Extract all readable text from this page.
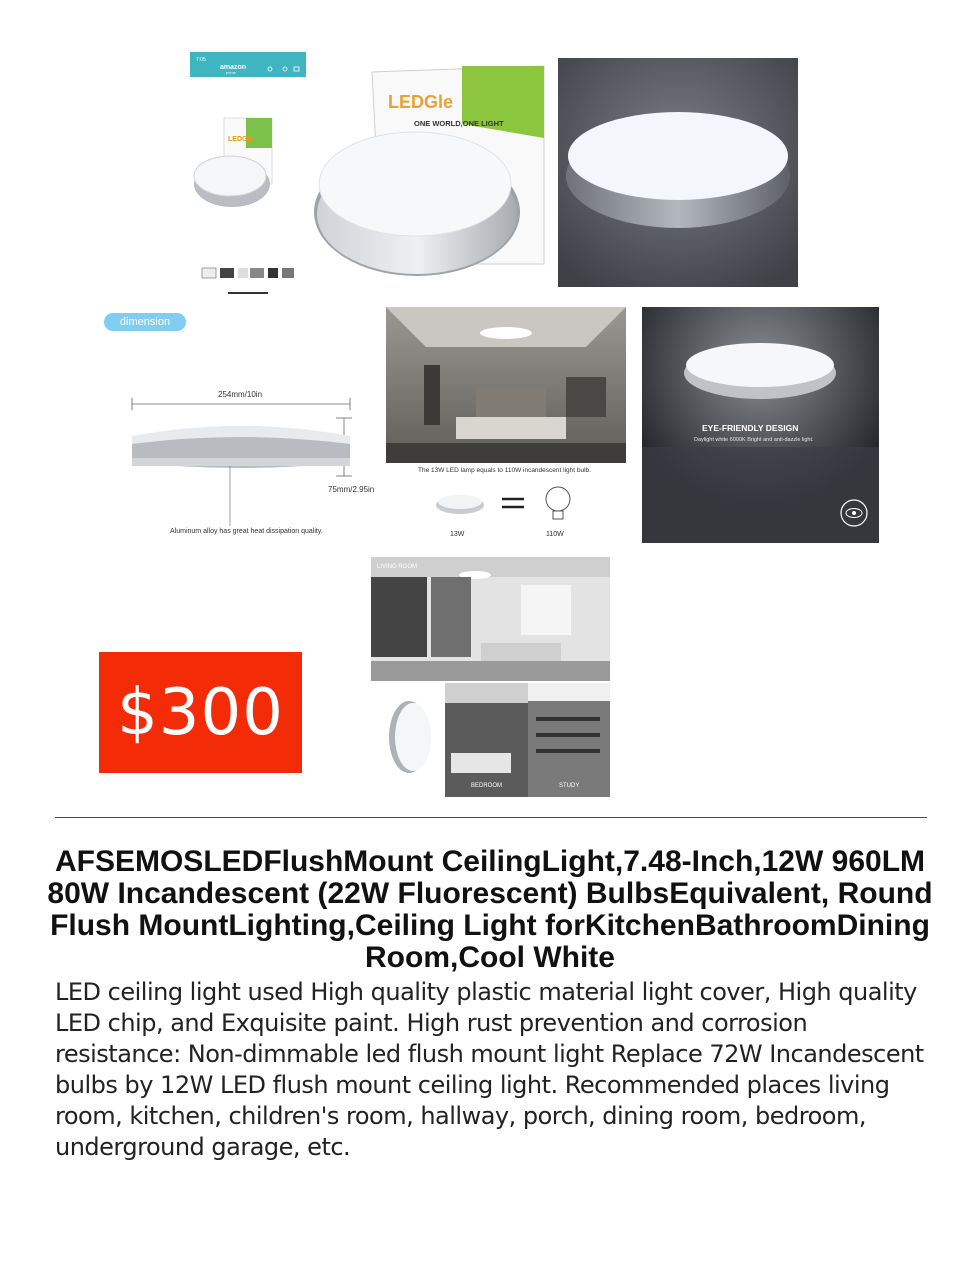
7:05
amazon
prime
LEDGle
LEDGle
ONE WORLD,ONE LIGHT
dimension
254mm/10in
75mm/2.95in
Aluminum alloy has great heat dissipation quality.
The 13W LED lamp equals to 110W incandescent light bulb.
13W	110W
EYE-FRIENDLY DESIGN
Daylight white 6000K Bright and anti-dazzle light.
LIVING ROOM
BEDROOM	STUDY
$300
AFSEMOSLEDFlushMount CeilingLight,7.48-Inch,12W 960LM 80W Incandescent (22W Fluorescent) BulbsEquivalent, Round Flush MountLighting,Ceiling Light forKitchenBathroomDining Room,Cool White
LED ceiling light used High quality plastic material light cover, High quality LED chip, and Exquisite paint. High rust prevention and corrosion resistance: Non-dimmable led flush mount light Replace 72W Incandescent bulbs by 12W LED flush mount ceiling light. Recommended places living room, kitchen, children's room, hallway, porch, dining room, bedroom, underground garage, etc.
